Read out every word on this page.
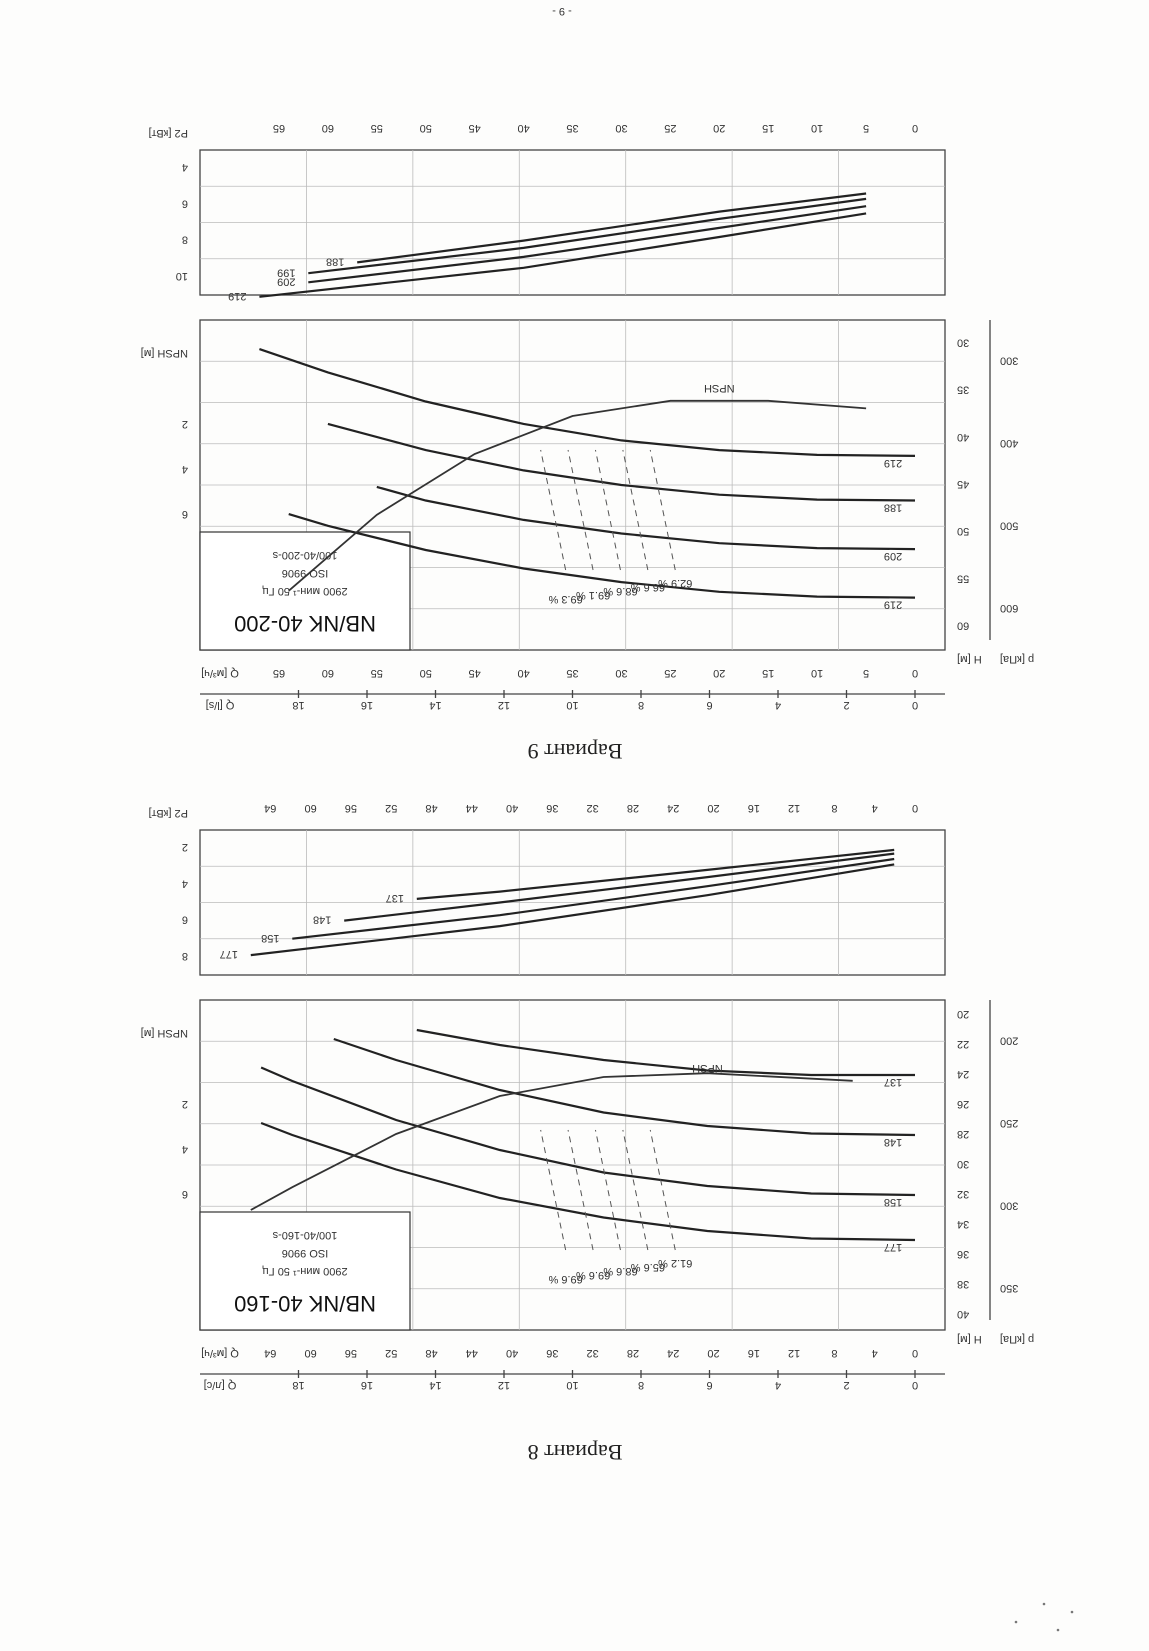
- 9 -
0
2
4
6
8
10
12
14
16
18
Q [l/s]
0
5
10
15
20
25
30
35
40
45
50
55
60
65
Q [м³/ч]
0
5
10
15
20
25
30
35
40
45
50
55
60
65
30
35
40
45
50
55
60
H [м]
300
400
500
600
p [кПа]
2
4
6
NPSH [м]
4
6
8
10
P2 [кВт]
NB/NK 40-200
2900 мин-¹ 50 Гц
ISO 9906
100/40-200-s
219
188
209
219
62.9 %
66.6 %
68.6 %
69.1 %
69.3 %
NPSH
188
199
209
219
Вариант 9
0
2
4
6
8
10
12
14
16
18
Q [л/с]
0
4
8
12
16
20
24
28
32
36
40
44
48
52
56
60
64
Q [м³/ч]
0
4
8
12
16
20
24
28
32
36
40
44
48
52
56
60
64
20
22
24
26
28
30
32
34
36
38
40
H [м]
200
250
300
350
p [кПа]
2
4
6
NPSH [м]
2
4
6
8
P2 [кВт]
NB/NK 40-160
2900 мин-¹ 50 Гц
ISO 9906
100/40-160-s
137
148
158
177
61.2 %
65.6 %
68.6 %
69.6 %
69.6 %
NPSH
137
148
158
177
Вариант 8
